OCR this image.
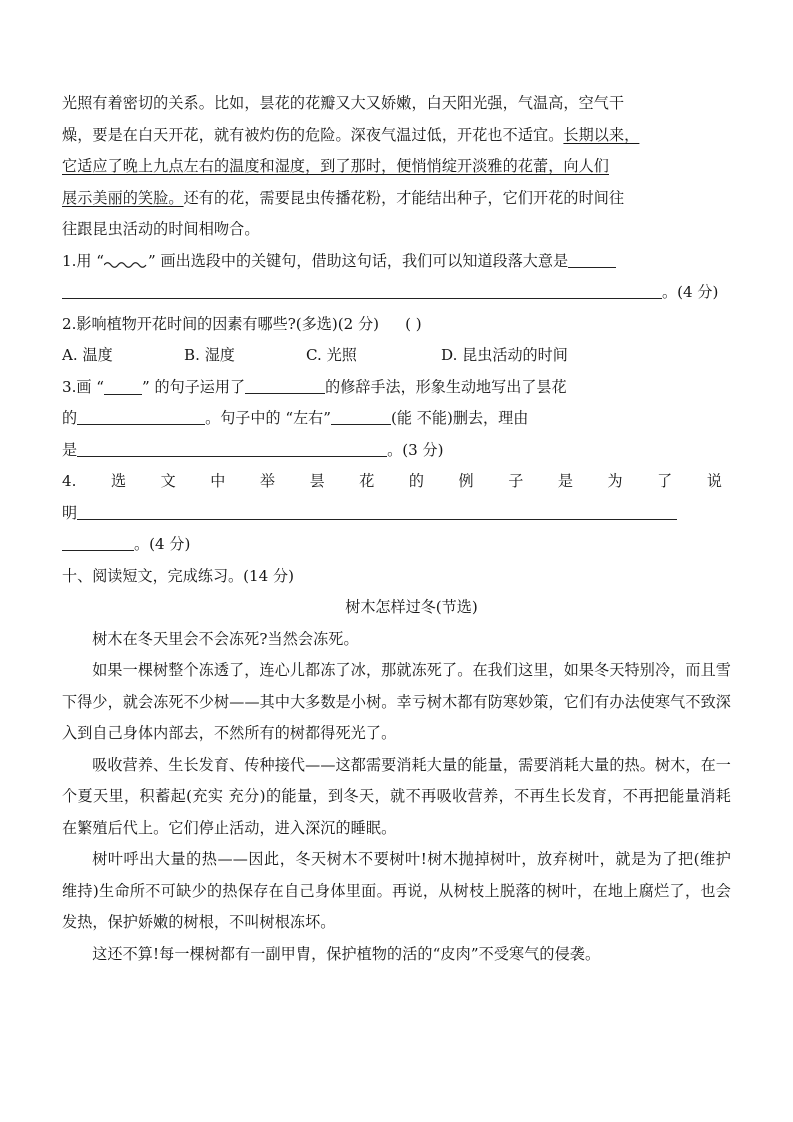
光照有着密切的关系。比如，昙花的花瓣又大又娇嫩，白天阳光强，气温高，空气干
燥，要是在白天开花，就有被灼伤的危险。深夜气温过低，开花也不适宜。长期以来，
它适应了晚上九点左右的温度和湿度，到了那时，便悄悄绽开淡雅的花蕾，向人们
展示美丽的笑脸。还有的花，需要昆虫传播花粉，才能结出种子，它们开花的时间往
往跟昆虫活动的时间相吻合。
1.用 “	” 画出选段中的关键句，借助这句话，我们可以知道段落大意是
。(4 分)
2.影响植物开花时间的因素有哪些?(多选)(2 分) ( )
A. 温度	B. 湿度	C. 光照	D. 昆虫活动的时间
3.画 “	” 的句子运用了	的修辞手法，形象生动地写出了昙花
的	。句子中的 “左右”	(能 不能)删去，理由
是	。(3 分)
4. 选 文 中 举 昙 花 的 例 子 是 为 了 说
明
。(4 分)
十、阅读短文，完成练习。(14 分)
树木怎样过冬(节选)
树木在冬天里会不会冻死?当然会冻死。
如果一棵树整个冻透了，连心儿都冻了冰，那就冻死了。在我们这里，如果冬天特别冷，而且雪下得少，就会冻死不少树——其中大多数是小树。幸亏树木都有防寒妙策，它们有办法使寒气不致深入到自己身体内部去，不然所有的树都得死光了。
吸收营养、生长发育、传种接代——这都需要消耗大量的能量，需要消耗大量的热。树木，在一个夏天里，积蓄起(充实 充分)的能量，到冬天，就不再吸收营养，不再生长发育，不再把能量消耗在繁殖后代上。它们停止活动，进入深沉的睡眠。
树叶呼出大量的热——因此，冬天树木不要树叶!树木抛掉树叶，放弃树叶，就是为了把(维护 维持)生命所不可缺少的热保存在自己身体里面。再说，从树枝上脱落的树叶，在地上腐烂了，也会发热，保护娇嫩的树根，不叫树根冻坏。
这还不算!每一棵树都有一副甲胄，保护植物的活的“皮肉”不受寒气的侵袭。
